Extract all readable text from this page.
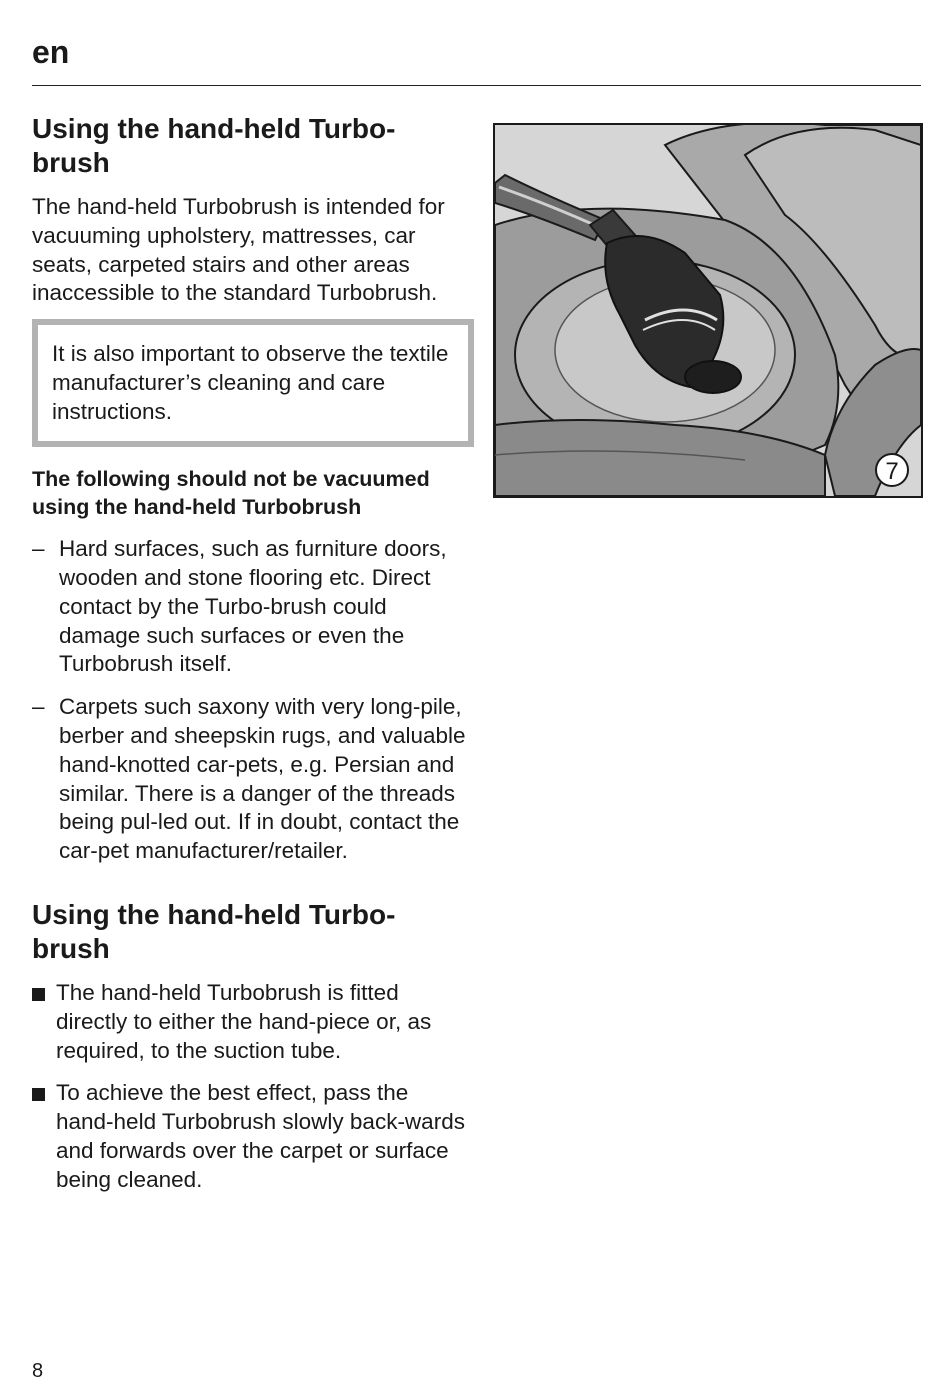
en
Using the hand-held Turbo-
brush

The hand-held Turbobrush is intended for vacuuming upholstery, mattresses, car seats, carpeted stairs and other areas inaccessible to the standard Turbobrush.

It is also important to observe the textile manufacturer’s cleaning and care instructions.

The following should not be vacuumed using the hand-held Turbobrush
– Hard surfaces, such as furniture doors, wooden and stone flooring etc. Direct contact by the Turbo-brush could damage such surfaces or even the Turbobrush itself.
– Carpets such saxony with very long-pile, berber and sheepskin rugs, and valuable hand-knotted car-pets, e.g. Persian and similar. There is a danger of the threads being pul-led out. If in doubt, contact the car-pet manufacturer/retailer.
Using the hand-held Turbo-
brush
The hand-held Turbobrush is fitted directly to either the hand-piece or, as required, to the suction tube.
To achieve the best effect, pass the hand-held Turbobrush slowly back-wards and forwards over the carpet or surface being cleaned.
7
8
